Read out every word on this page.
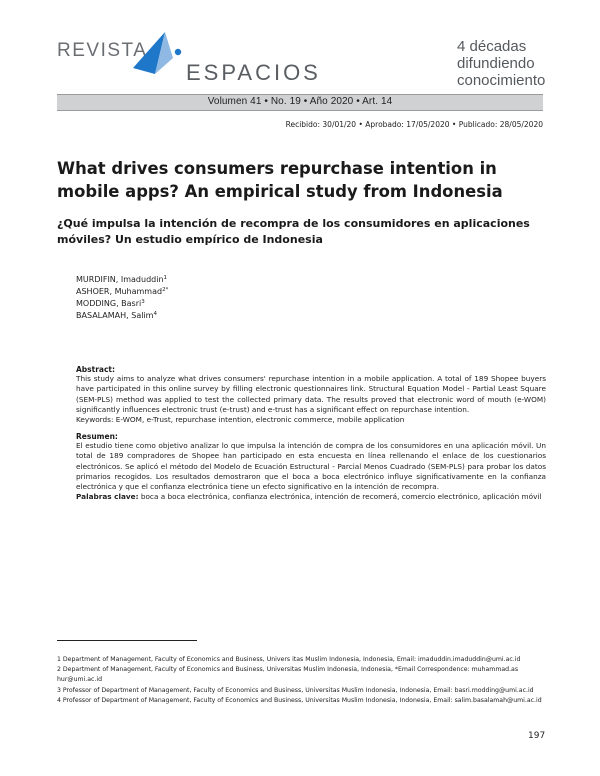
REVISTA
ESPACIOS
4 décadas
difundiendo
conocimiento
Volumen 41 • No. 19 • Año 2020 • Art. 14
Recibido: 30/01/20 • Aprobado: 17/05/2020 • Publicado: 28/05/2020
What drives consumers repurchase intention in mobile apps? An empirical study from Indonesia
¿Qué impulsa la intención de recompra de los consumidores en aplicaciones móviles? Un estudio empírico de Indonesia
MURDIFIN, Imaduddin$^1$
ASHOER, Muhammad$^{2*}$
MODDING, Basri$^3$
BASALAMAH, Salim$^4$
Abstract:
This study aims to analyze what drives consumers' repurchase intention in a mobile application. A total of 189 Shopee buyers have participated in this online survey by filling electronic questionnaires link. Structural Equation Model - Partial Least Square (SEM-PLS) method was applied to test the collected primary data. The results proved that electronic word of mouth (e-WOM) significantly influences electronic trust (e-trust) and e-trust has a significant effect on repurchase intention.
Keywords: E-WOM, e-Trust, repurchase intention, electronic commerce, mobile application
Resumen:
El estudio tiene como objetivo analizar lo que impulsa la intención de compra de los consumidores en una aplicación móvil. Un total de 189 compradores de Shopee han participado en esta encuesta en línea rellenando el enlace de los cuestionarios electrónicos. Se aplicó el método del Modelo de Ecuación Estructural - Parcial Menos Cuadrado (SEM-PLS) para probar los datos primarios recogidos. Los resultados demostraron que el boca a boca electrónico influye significativamente en la confianza electrónica y que el confianza electrónica tiene un efecto significativo en la intención de recompra.
Palabras clave: boca a boca electrónica, confianza electrónica, intención de recomerá, comercio electrónico, aplicación móvil
1 Department of Management, Faculty of Economics and Business, Univers itas Muslim Indonesia, Indonesia, Email: imaduddin.imaduddin@umi.ac.id
2 Department of Management, Faculty of Economics and Business, Universitas Muslim Indonesia, Indonesia, *Email Correspondence: muhammad.as hur@umi.ac.id
3 Professor of Department of Management, Faculty of Economics and Business, Universitas Muslim Indonesia, Indonesia, Email: basri.modding@umi.ac.id
4 Professor of Department of Management, Faculty of Economics and Business, Universitas Muslim Indonesia, Indonesia, Email: salim.basalamah@umi.ac.id
197
